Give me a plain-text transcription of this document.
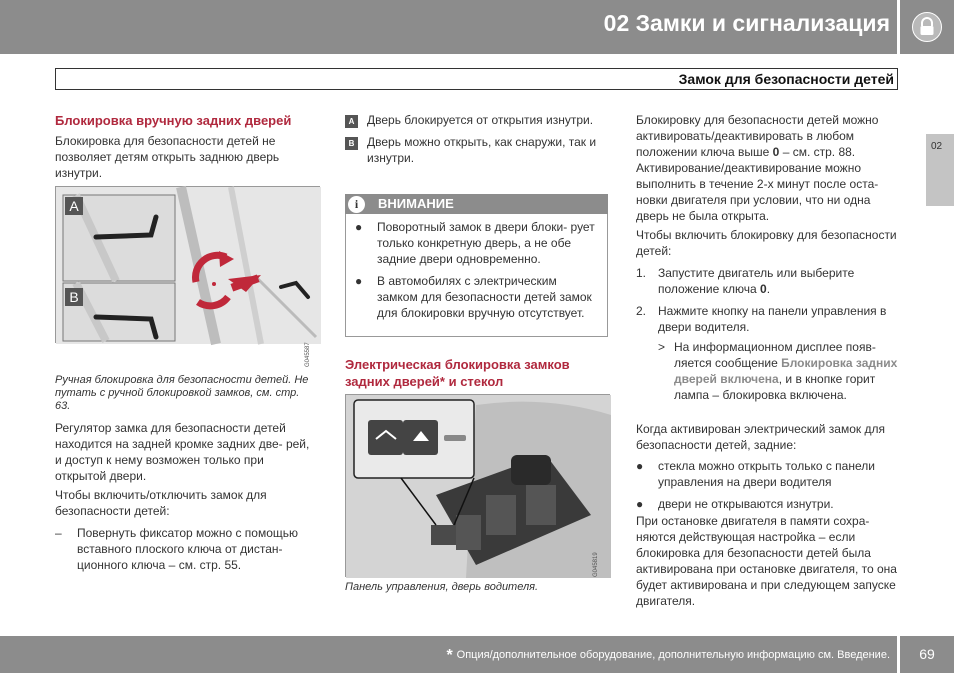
02 Замки и сигнализация
Замок для безопасности детей
02
Блокировка вручную задних дверей

Блокировка для безопасности детей не позволяет детям открыть заднюю дверь изнутри.

A
B
G045587
Ручная блокировка для безопасности детей. Не путать с ручной блокировкой замков, см. стр. 63.

Регулятор замка для безопасности детей находится на задней кромке задних две- рей, и доступ к нему возможен только при открытой двери.

Чтобы включить/отключить замок для безопасности детей:

– Повернуть фиксатор можно с помощью вставного плоского ключа от дистан- ционного ключа – см. стр. 55.
A	Дверь блокируется от открытия изнутри.
B	Дверь можно открыть, как снаружи, так и изнутри.
i	ВНИМАНИЕ
● Поворотный замок в двери блоки- рует только конкретную дверь, а не обе задние двери одновременно.
● В автомобилях с электрическим замком для безопасности детей замок для блокировки вручную отсутствует.
Электрическая блокировка замков задних дверей* и стекол
G045819
Панель управления, дверь водителя.

Блокировку для безопасности детей можно активировать/деактивировать в любом положении ключа выше 0 – см. стр. 88. Активирование/деактивирование можно выполнить в течение 2-х минут после оста- новки двигателя при условии, что ни одна дверь не была открыта.

Чтобы включить блокировку для безопасности детей:

1. Запустите двигатель или выберите положение ключа 0.
2. Нажмите кнопку на панели управления в двери водителя.
> На информационном дисплее появ- ляется сообщение Блокировка задних дверей включена, и в кнопке горит лампа – блокировка включена.

Когда активирован электрический замок для безопасности детей, задние:

● стекла можно открыть только с панели управления на двери водителя
● двери не открываются изнутри.

При остановке двигателя в памяти сохра- няются действующая настройка – если блокировка для безопасности детей была активирована при остановке двигателя, то она будет активирована и при следующем запуске двигателя.

* Опция/дополнительное оборудование, дополнительную информацию см. Введение.	69
